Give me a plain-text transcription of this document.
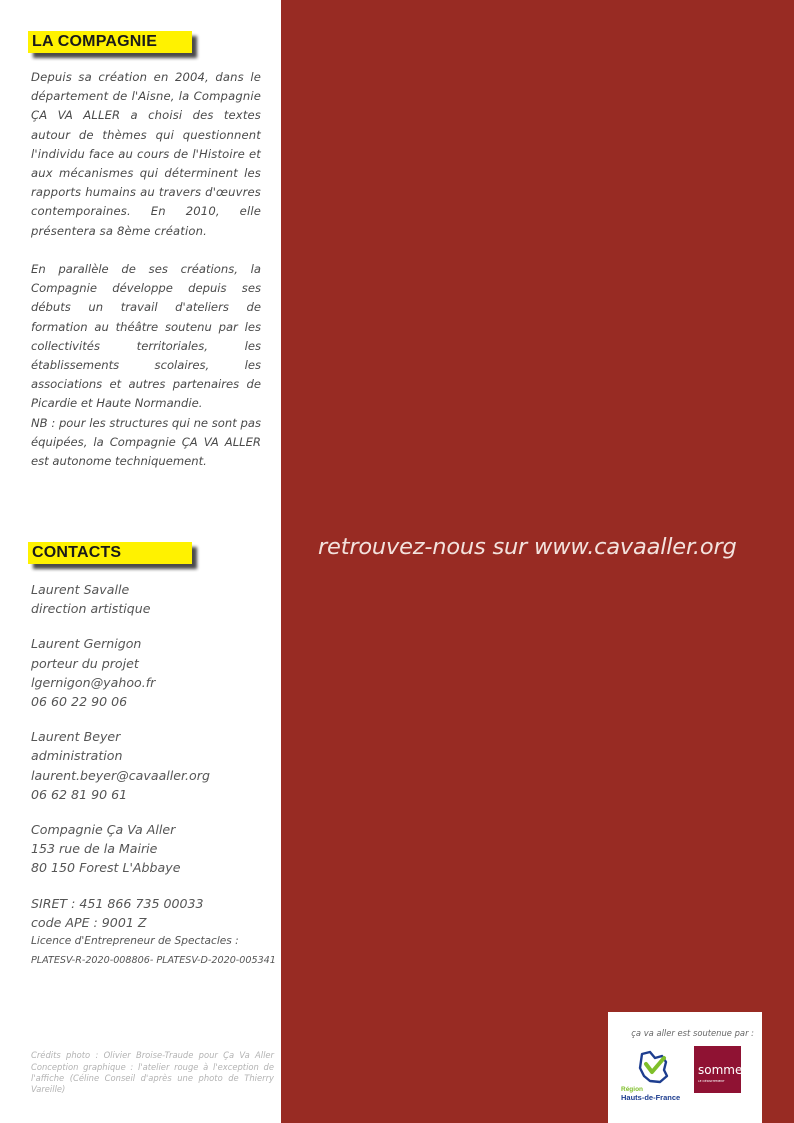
LA COMPAGNIE

Depuis sa création en 2004, dans le département de l'Aisne, la Compagnie ÇA VA ALLER a choisi des textes autour de thèmes qui questionnent l'individu face au cours de l'Histoire et aux mécanismes qui déterminent les rapports humains au travers d'œuvres contemporaines. En 2010, elle présentera sa 8ème création.

En parallèle de ses créations, la Compagnie développe depuis ses débuts un travail d'ateliers de formation au théâtre soutenu par les collectivités territoriales, les établissements scolaires, les associations et autres partenaires de Picardie et Haute Normandie.

NB : pour les structures qui ne sont pas équipées, la Compagnie ÇA VA ALLER est autonome techniquement.

CONTACTS
Laurent Savalle
direction artistique
Laurent Gernigon
porteur du projet
lgernigon@yahoo.fr
06 60 22 90 06
Laurent Beyer
administration
laurent.beyer@cavaaller.org
06 62 81 90 61
Compagnie Ça Va Aller
153 rue de la Mairie
80 150 Forest L'Abbaye
SIRET : 451 866 735 00033
code APE : 9001 Z
Licence d'Entrepreneur de Spectacles :
PLATESV-R-2020-008806- PLATESV-D-2020-005341

Crédits photo : Olivier Broise-Traude pour Ça Va Aller Conception graphique : l'atelier rouge à l'exception de l'affiche (Céline Conseil d'après une photo de Thierry Vareille)

retrouvez-nous sur www.cavaaller.org
ça va aller est soutenue par :
Région
Hauts-de-France
somme
LE DÉPARTEMENT
